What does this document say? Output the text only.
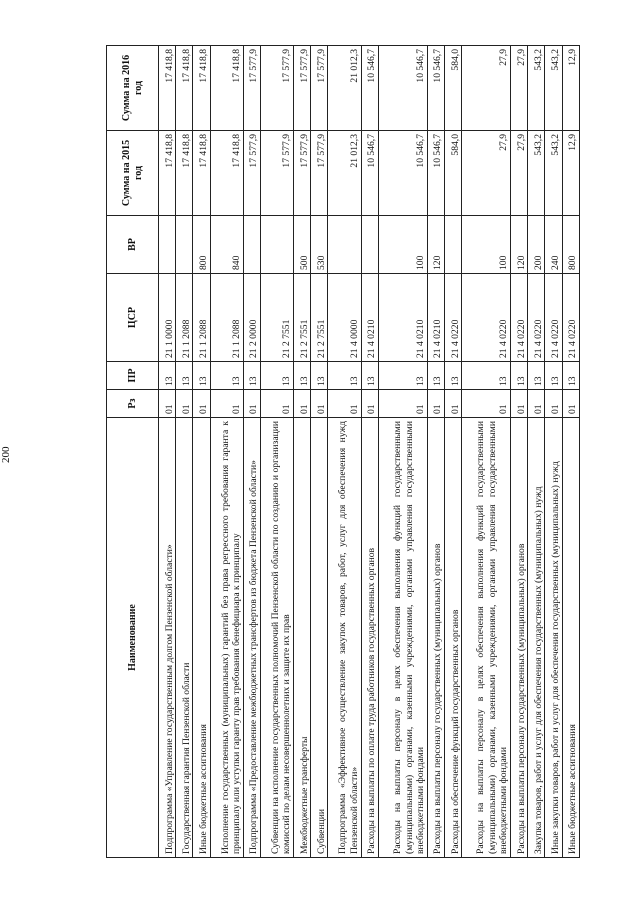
200
Наименование	Рз	ПР	ЦСР	ВР	Сумма на 2015 год	Сумма на 2016 год
Подпрограмма «Управление государственным долгом Пензенской области»	01	13	21 1 0000		17 418,8	17 418,8
Государственная гарантия Пензенской области	01	13	21 1 2088		17 418,8	17 418,8
Иные бюджетные ассигнования	01	13	21 1 2088	800	17 418,8	17 418,8
Исполнение государственных (муниципальных) гарантий без права регрессного требования гаранта к принципалу или уступки гаранту прав требования бенефициара к принципалу	01	13	21 1 2088	840	17 418,8	17 418,8
Подпрограмма «Предоставление межбюджетных трансфертов из бюджета Пензенской области»	01	13	21 2 0000		17 577,9	17 577,9
Субвенции на исполнение государственных полномочий Пензенской области по созданию и организации комиссий по делам несовершеннолетних и защите их прав	01	13	21 2 7551		17 577,9	17 577,9
Межбюджетные трансферты	01	13	21 2 7551	500	17 577,9	17 577,9
Субвенции	01	13	21 2 7551	530	17 577,9	17 577,9
Подпрограмма «Эффективное осуществление закупок товаров, работ, услуг для обеспечения нужд Пензенской области»	01	13	21 4 0000		21 012,3	21 012,3
Расходы на выплаты по оплате труда работников государственных органов	01	13	21 4 0210		10 546,7	10 546,7
Расходы на выплаты персоналу в целях обеспечения выполнения функций государственными (муниципальными) органами, казенными учреждениями, органами управления государственными внебюджетными фондами	01	13	21 4 0210	100	10 546,7	10 546,7
Расходы на выплаты персоналу государственных (муниципальных) органов	01	13	21 4 0210	120	10 546,7	10 546,7
Расходы на обеспечение функций государственных органов	01	13	21 4 0220		584,0	584,0
Расходы на выплаты персоналу в целях обеспечения выполнения функций государственными (муниципальными) органами, казенными учреждениями, органами управления государственными внебюджетными фондами	01	13	21 4 0220	100	27,9	27,9
Расходы на выплаты персоналу государственных (муниципальных) органов	01	13	21 4 0220	120	27,9	27,9
Закупка товаров, работ и услуг для обеспечения государственных (муниципальных) нужд	01	13	21 4 0220	200	543,2	543,2
Иные закупки товаров, работ и услуг для обеспечения государственных (муниципальных) нужд	01	13	21 4 0220	240	543,2	543,2
Иные бюджетные ассигнования	01	13	21 4 0220	800	12,9	12,9
